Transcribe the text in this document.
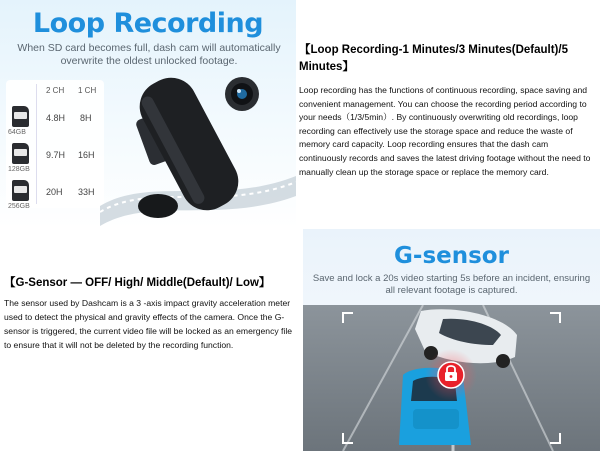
Loop Recording
When SD card becomes full, dash cam will automatically overwrite the oldest unlocked footage.
2 CH 1 CH
64GB
4.8H 8H
128GB
9.7H 16H
256GB
20H 33H
【Loop Recording-1 Minutes/3 Minutes(Default)/5 Minutes】
Loop recording has the functions of continuous recording, space saving and convenient management. You can choose the recording period according to your needs（1/3/5min）. By continuously overwriting old recordings, loop recording can effectively use the storage space and reduce the waste of memory card capacity. Loop recording ensures that the dash cam continuously records and saves the latest driving footage without the need to manually clean up the storage space or replace the memory card.
【G-Sensor — OFF/ High/ Middle(Default)/ Low】
The sensor used by Dashcam is a 3 -axis impact gravity acceleration meter used to detect the physical and gravity effects of the camera. Once the G-sensor is triggered, the current video file will be locked as an emergency file to ensure that it will not be deleted by the recording function.
G-sensor
Save and lock a 20s video starting 5s before an incident, ensuring all relevant footage is captured.
